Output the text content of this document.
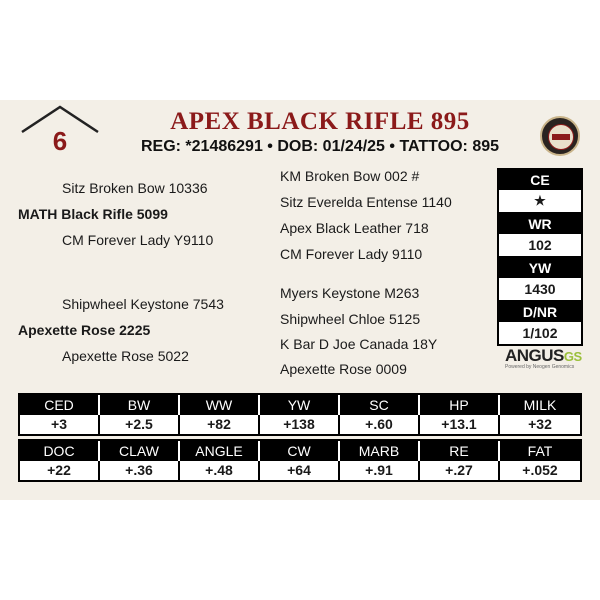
6
APEX BLACK RIFLE 895
REG: *21486291 • DOB: 01/24/25 • TATTOO: 895
Sitz Broken Bow 10336
MATH Black Rifle 5099
CM Forever Lady Y9110
KM Broken Bow 002 #
Sitz Everelda Entense 1140
Apex Black Leather 718
CM Forever Lady 9110
Shipwheel Keystone 7543
Apexette Rose 2225
Apexette Rose 5022
Myers Keystone M263
Shipwheel Chloe 5125
K Bar D Joe Canada 18Y
Apexette Rose 0009
CE
★
WR
102
YW
1430
D/NR
1/102
ANGUSGS
Powered by Neogen Genomics
CED	BW	WW	YW	SC	HP	MILK
+3	+2.5	+82	+138	+.60	+13.1	+32
DOC	CLAW	ANGLE	CW	MARB	RE	FAT
+22	+.36	+.48	+64	+.91	+.27	+.052
